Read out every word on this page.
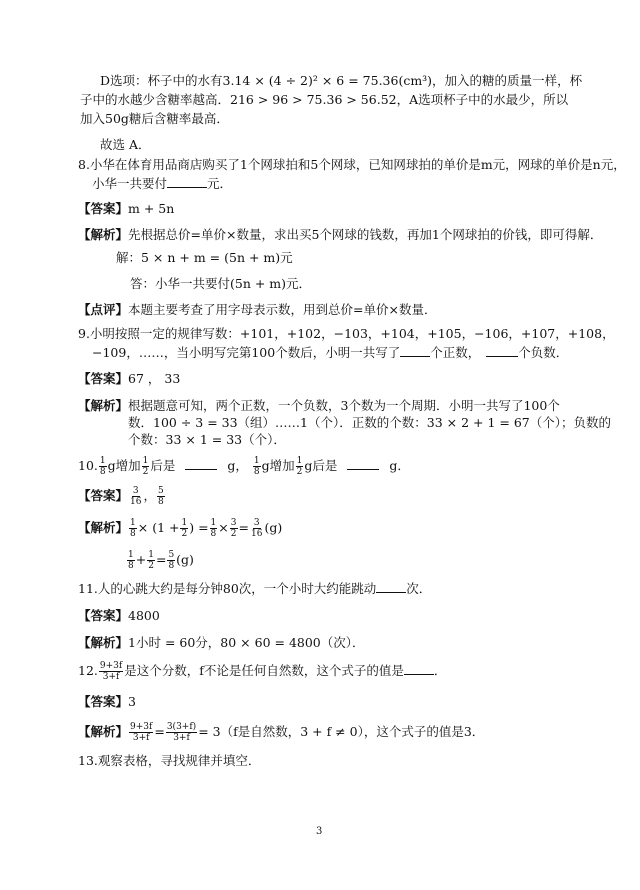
D选项：杯子中的水有3.14 × (4 ÷ 2)² × 6 = 75.36(cm³)，加入的糖的质量一样，杯
子中的水越少含糖率越高．216 > 96 > 75.36 > 56.52，A选项杯子中的水最少，所以
加入50g糖后含糖率最高．
故选 A．
8.小华在体育用品商店购买了1个网球拍和5个网球，已知网球拍的单价是m元，网球的单价是n元，
小华一共要付	元．
【答案】m + 5n
【解析】先根据总价=单价×数量，求出买5个网球的钱数，再加1个网球拍的价钱，即可得解．
解：5 × n + m = (5n + m)元
答：小华一共要付(5n + m)元．
【点评】本题主要考查了用字母表示数，用到总价=单价×数量．
9.小明按照一定的规律写数：+101，+102，−103，+104，+105，−106，+107，+108，
−109，……，当小明写完第100个数后，小明一共写了 个正数，	个负数．
【答案】67 ， 33
【解析】根据题意可知，两个正数，一个负数，3个数为一个周期．小明一共写了100个
数．100 ÷ 3 = 33（组）……1（个）．正数的个数：33 × 2 + 1 = 67（个）；负数的
个数：33 × 1 = 33（个）．
10. $\frac{1}{8}$ g增加 $\frac{1}{2}$ 后是	g， $\frac{1}{8}$ g增加 $\frac{1}{2}$ g后是	g．
【答案】 $\frac{3}{16}$ ， $\frac{5}{8}$
【解析】 $\frac{1}{8} \times (1 + \frac{1}{2}$ ) = $\frac{1}{8} \times \frac{3}{2} = \frac{3}{16} (g)$
$\frac{1}{8} + \frac{1}{2} = \frac{5}{8} (g)$
11.人的心跳大约是每分钟80次，一个小时大约能跳动 次．
【答案】4800
【解析】1小时 = 60分，80 × 60 = 4800（次）．
12. $\frac{9+3f}{3+f}$ 是这个分数，f不论是任何自然数，这个式子的值是 ．
【答案】3
【解析】 $\frac{9+3f}{3+f} = \frac{3(3+f)}{3+f} = 3(f$是自然数，3 + f ≠ 0），这个式子的值是3．
13.观察表格，寻找规律并填空．
3
